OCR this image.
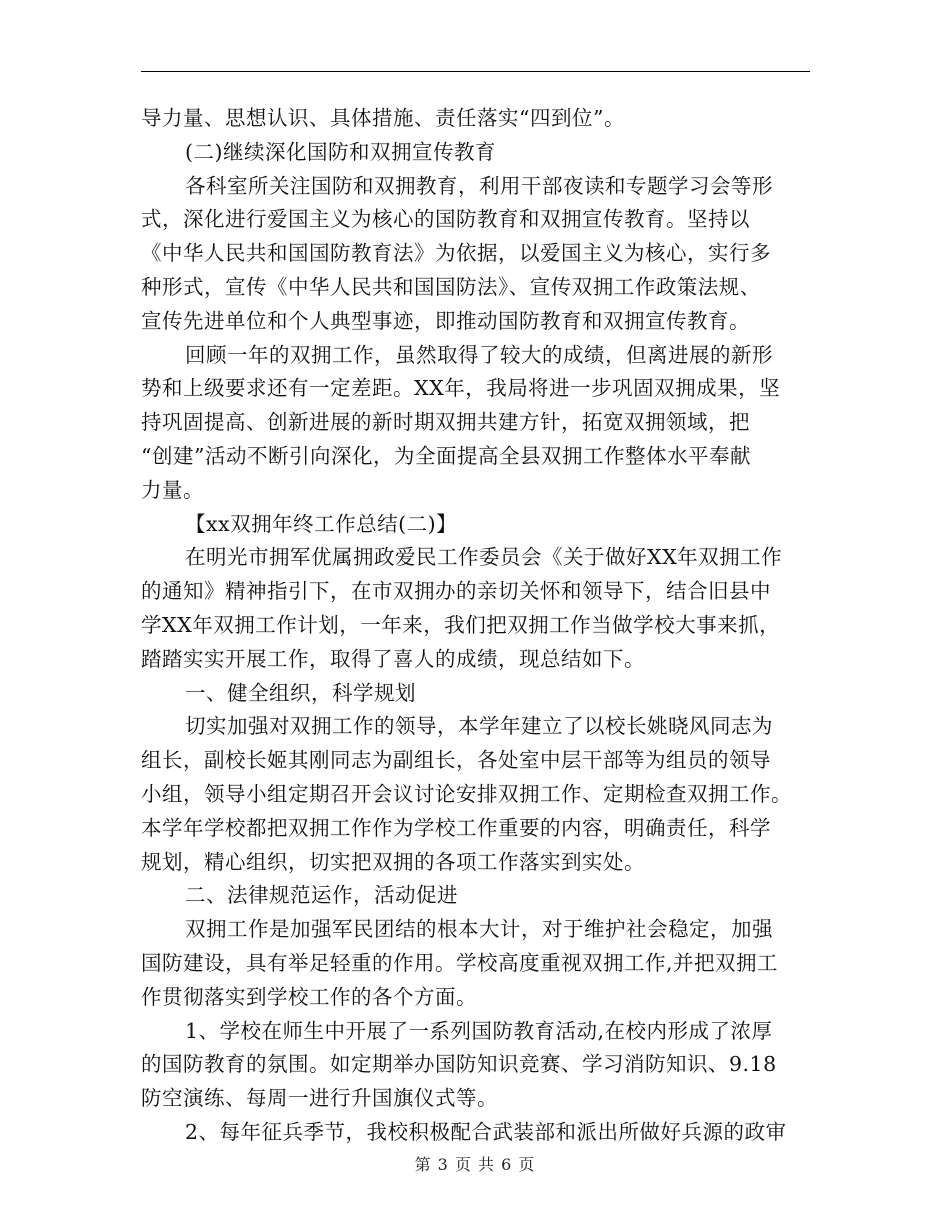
导力量、思想认识、具体措施、责任落实“四到位”。
(二)继续深化国防和双拥宣传教育
各科室所关注国防和双拥教育，利用干部夜读和专题学习会等形
式，深化进行爱国主义为核心的国防教育和双拥宣传教育。坚持以
《中华人民共和国国防教育法》为依据，以爱国主义为核心，实行多
种形式，宣传《中华人民共和国国防法》、宣传双拥工作政策法规、
宣传先进单位和个人典型事迹，即推动国防教育和双拥宣传教育。
回顾一年的双拥工作，虽然取得了较大的成绩，但离进展的新形
势和上级要求还有一定差距。XX年，我局将进一步巩固双拥成果，坚
持巩固提高、创新进展的新时期双拥共建方针，拓宽双拥领域，把
“创建”活动不断引向深化，为全面提高全县双拥工作整体水平奉献
力量。
【xx双拥年终工作总结(二)】
在明光市拥军优属拥政爱民工作委员会《关于做好XX年双拥工作
的通知》精神指引下，在市双拥办的亲切关怀和领导下，结合旧县中
学XX年双拥工作计划，一年来，我们把双拥工作当做学校大事来抓，
踏踏实实开展工作，取得了喜人的成绩，现总结如下。
一、健全组织，科学规划
切实加强对双拥工作的领导，本学年建立了以校长姚晓风同志为
组长，副校长姬其刚同志为副组长，各处室中层干部等为组员的领导
小组，领导小组定期召开会议讨论安排双拥工作、定期检查双拥工作。
本学年学校都把双拥工作作为学校工作重要的内容，明确责任，科学
规划，精心组织，切实把双拥的各项工作落实到实处。
二、法律规范运作，活动促进
双拥工作是加强军民团结的根本大计，对于维护社会稳定，加强
国防建设，具有举足轻重的作用。学校高度重视双拥工作,并把双拥工
作贯彻落实到学校工作的各个方面。
1、学校在师生中开展了一系列国防教育活动,在校内形成了浓厚
的国防教育的氛围。如定期举办国防知识竞赛、学习消防知识、9.18
防空演练、每周一进行升国旗仪式等。
2、每年征兵季节，我校积极配合武装部和派出所做好兵源的政审
第 3 页 共 6 页
